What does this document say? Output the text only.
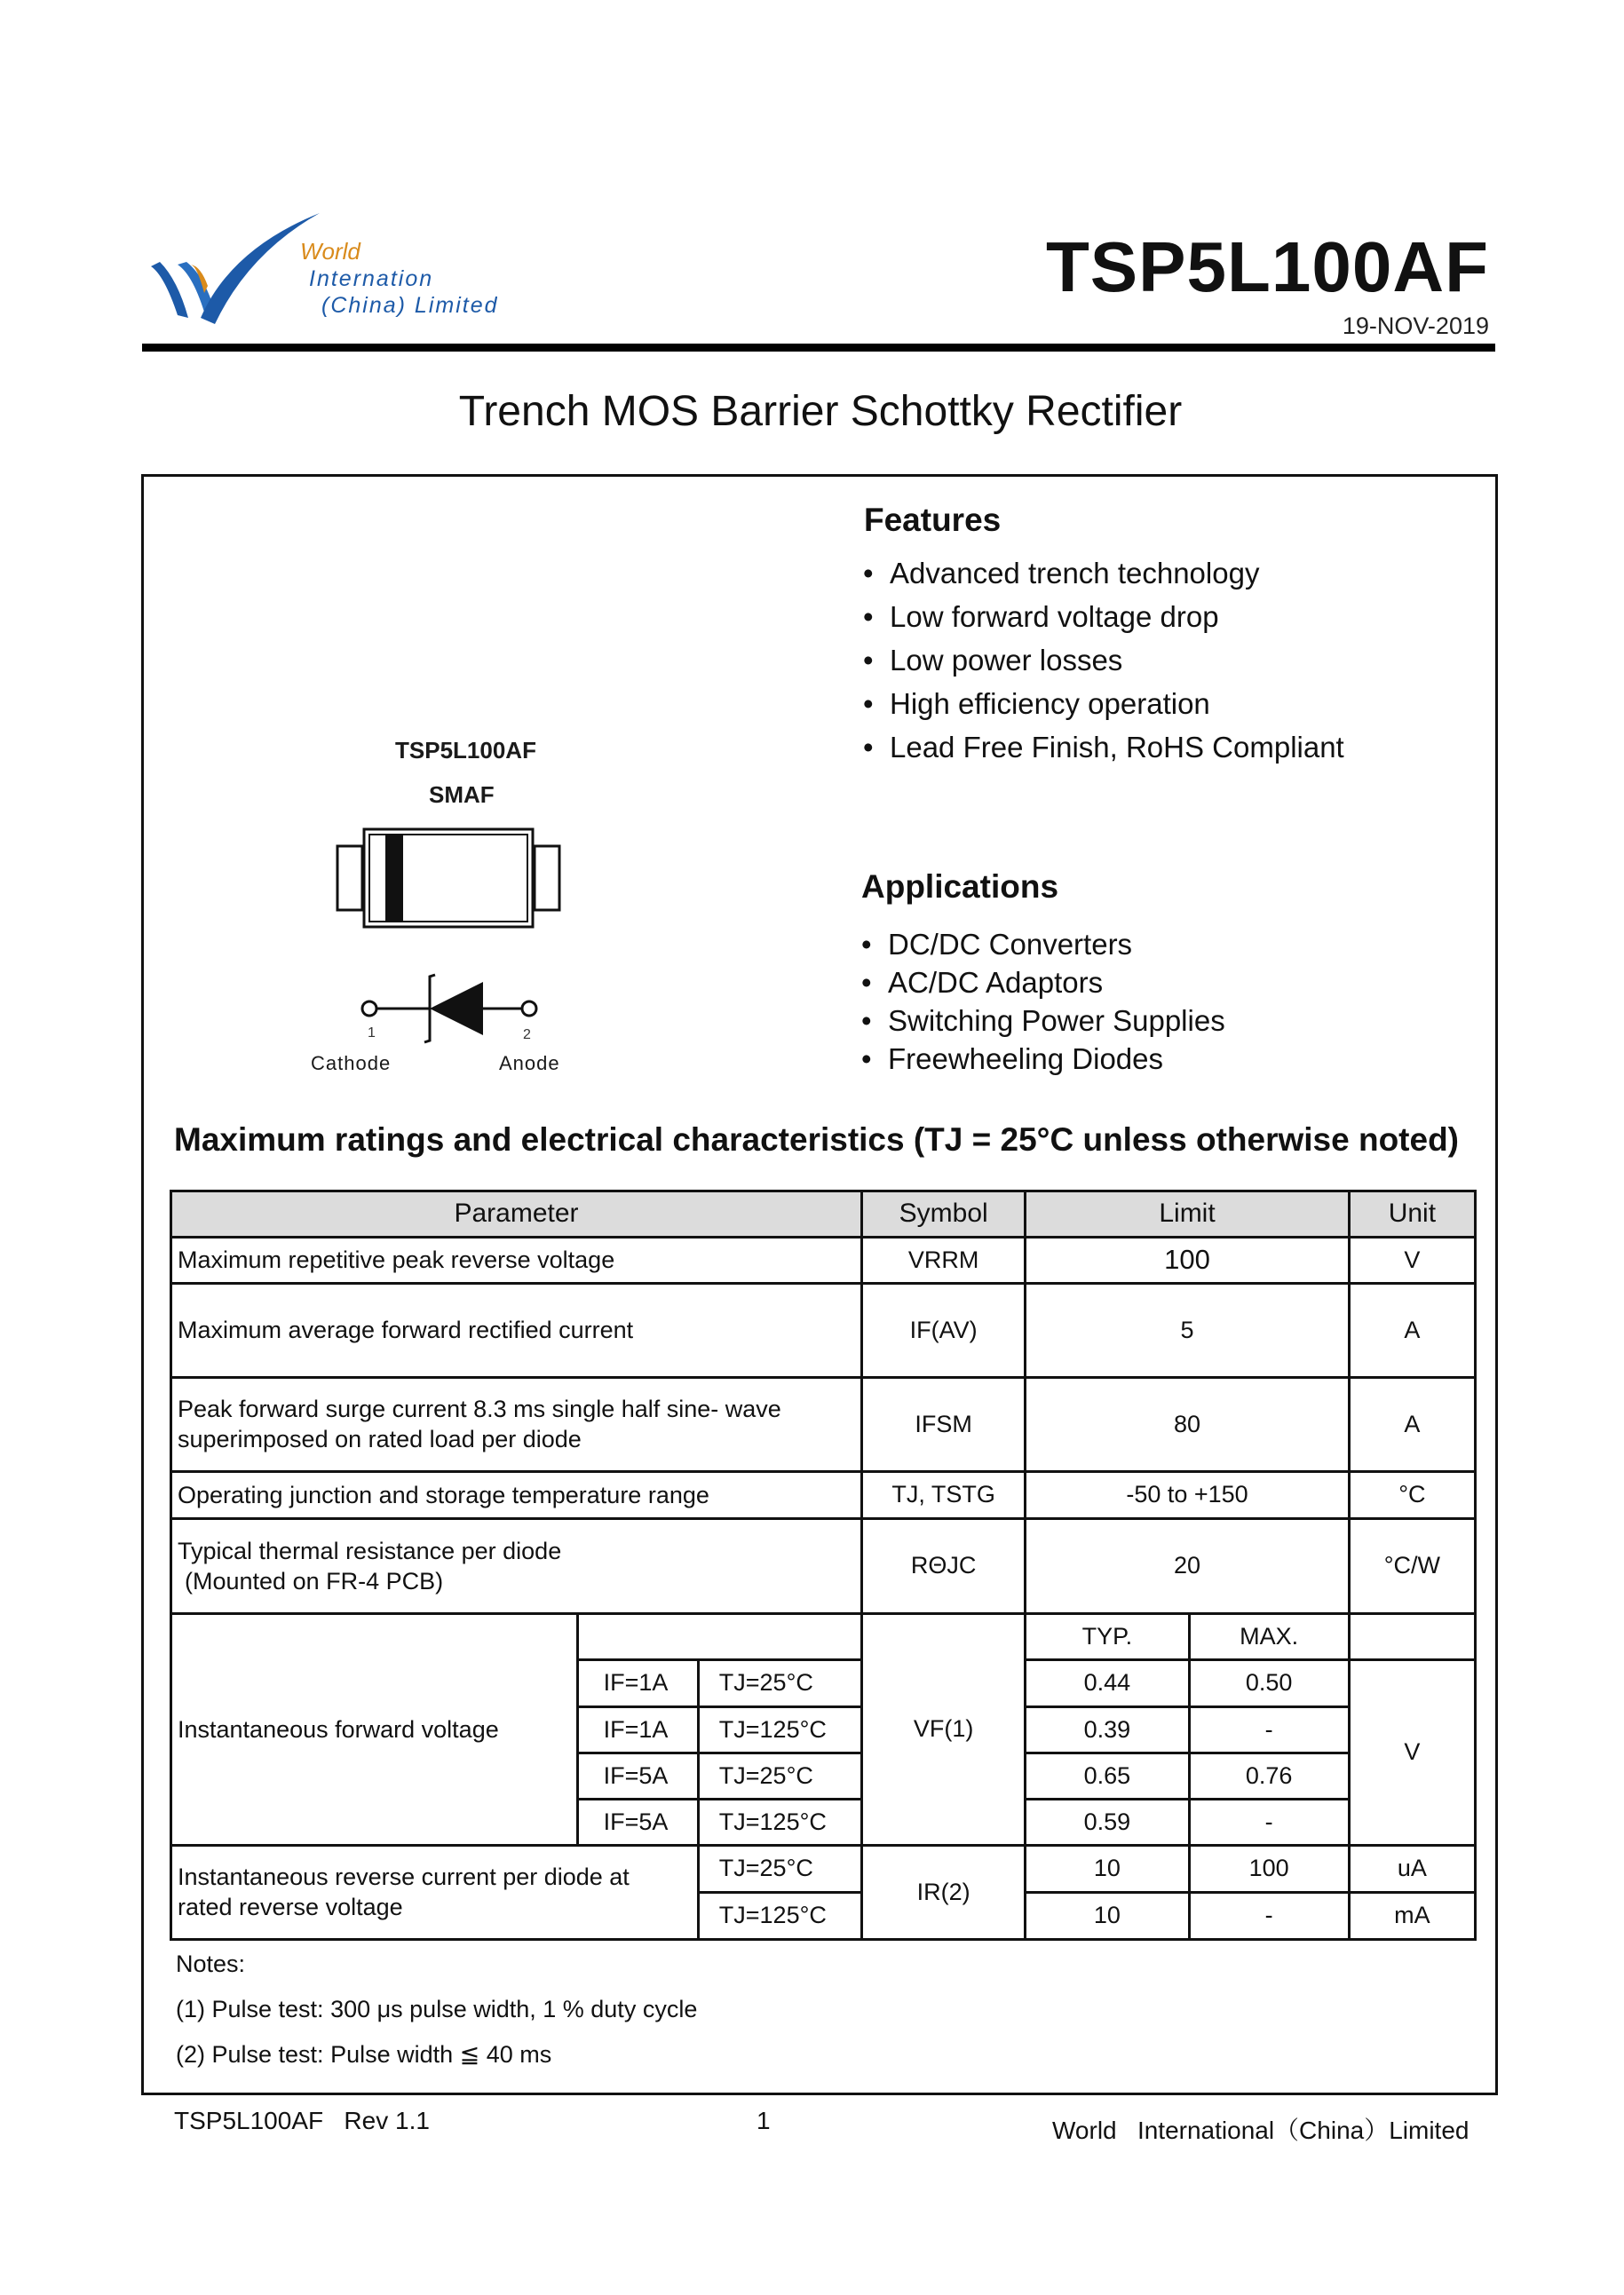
World
Internation
(China) Limited	TSP5L100AF
19-NOV-2019
Trench MOS Barrier Schottky Rectifier
TSP5L100AF
SMAF
1	2
Cathode	Anode
Features
• Advanced trench technology
• Low forward voltage drop
• Low power losses
• High efficiency operation
• Lead Free Finish, RoHS Compliant
Applications
• DC/DC Converters
• AC/DC Adaptors
• Switching Power Supplies
• Freewheeling Diodes
Maximum ratings and electrical characteristics (TJ = 25°C unless otherwise noted)
Parameter			Symbol	Limit		Unit
Maximum repetitive peak reverse voltage			VRRM	100		V
Maximum average forward rectified current			IF(AV)	5		A

Peak forward surge current 8.3 ms single half sine- wave
superimposed on rated load per diode			IFSM	80		A
Operating junction and storage temperature range			TJ, TSTG	-50 to +150		°C

Typical thermal resistance per diode
(Mounted on FR-4 PCB)			RΘJC	20		°C/W
Instantaneous forward voltage			VF(1)	TYP.	MAX.	
	IF=1A	TJ=25°C		0.44	0.50	V
	IF=1A	TJ=125°C		0.39	-	
	IF=5A	TJ=25°C		0.65	0.76	
	IF=5A	TJ=125°C		0.59	-	

Instantaneous reverse current per diode at
rated reverse voltage		TJ=25°C	IR(2)	10	100	uA
		TJ=125°C		10	-	mA
Notes:
(1) Pulse test: 300 μs pulse width, 1 % duty cycle
(2) Pulse test: Pulse width ≦ 40 ms
TSP5L100AF   Rev 1.1	1	World   International（China）Limited
